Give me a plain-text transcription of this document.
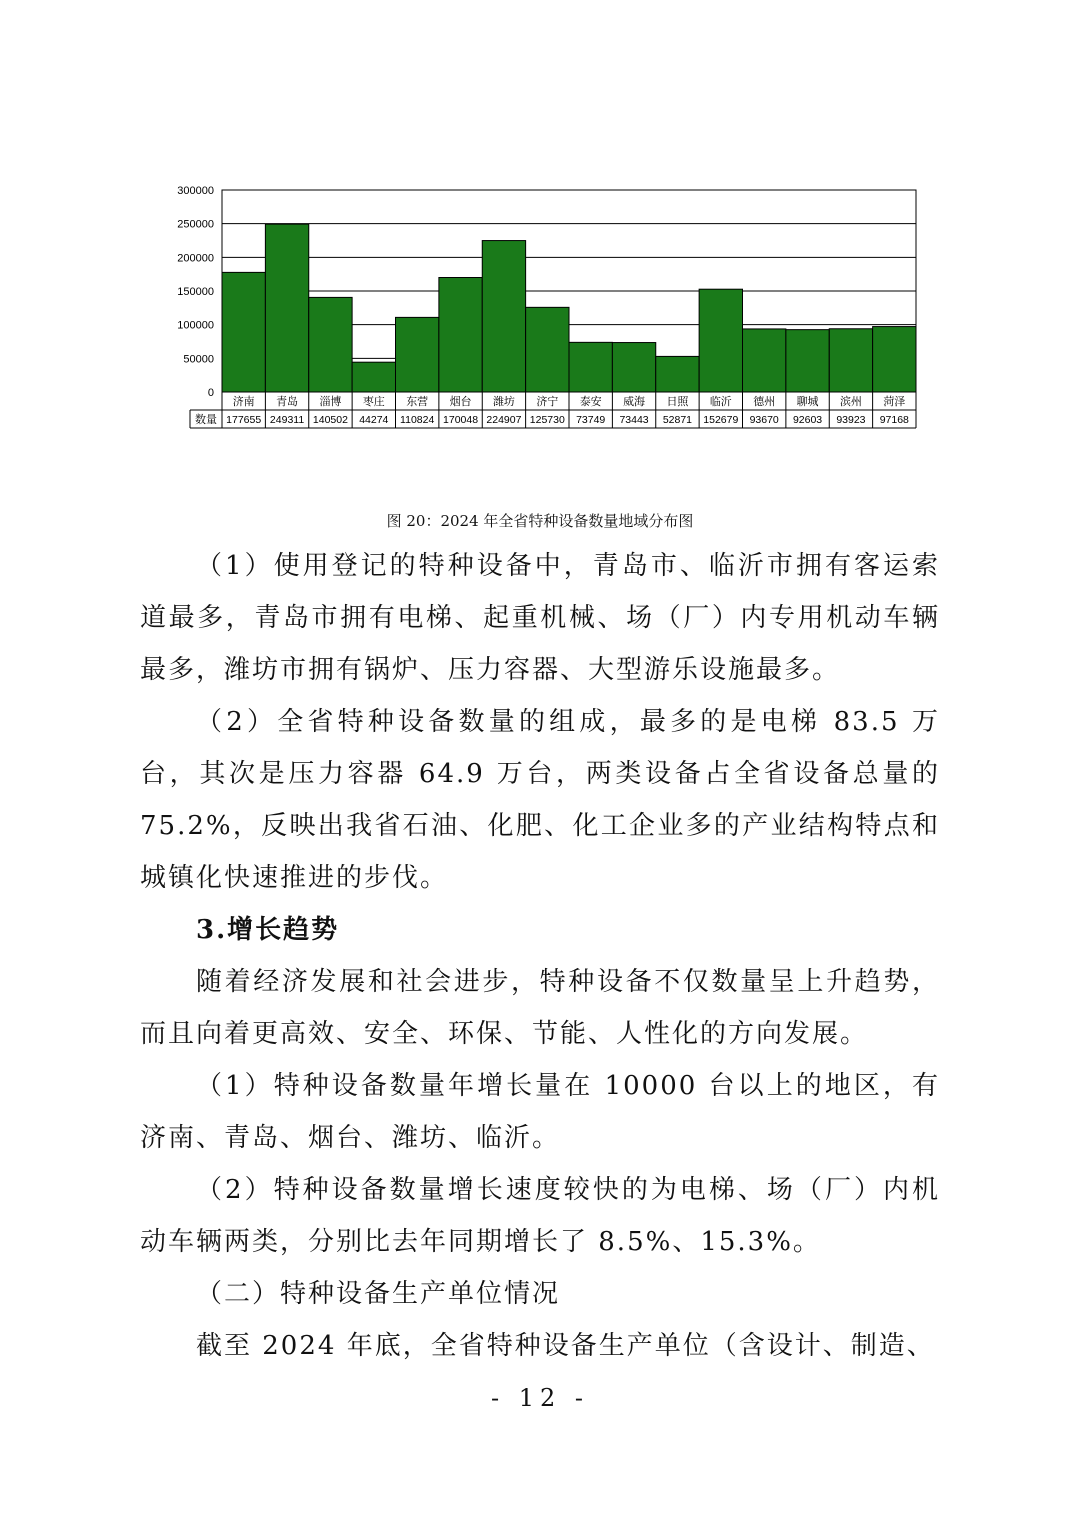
0
50000
100000
150000
200000
250000
300000
数量
济南
177655
青岛
249311
淄博
140502
枣庄
44274
东营
110824
烟台
170048
潍坊
224907
济宁
125730
泰安
73749
威海
73443
日照
52871
临沂
152679
德州
93670
聊城
92603
滨州
93923
菏泽
97168
图 20：2024 年全省特种设备数量地域分布图

（1）使用登记的特种设备中，青岛市、临沂市拥有客运索道最多，青岛市拥有电梯、起重机械、场（厂）内专用机动车辆最多，潍坊市拥有锅炉、压力容器、大型游乐设施最多。

（2）全省特种设备数量的组成，最多的是电梯 83.5 万台，其次是压力容器 64.9 万台，两类设备占全省设备总量的 75.2%，反映出我省石油、化肥、化工企业多的产业结构特点和城镇化快速推进的步伐。

3.增长趋势

随着经济发展和社会进步，特种设备不仅数量呈上升趋势，而且向着更高效、安全、环保、节能、人性化的方向发展。

（1）特种设备数量年增长量在 10000 台以上的地区，有济南、青岛、烟台、潍坊、临沂。

（2）特种设备数量增长速度较快的为电梯、场（厂）内机动车辆两类，分别比去年同期增长了 8.5%、15.3%。

（二）特种设备生产单位情况

截至 2024 年底，全省特种设备生产单位（含设计、制造、

- 12 -
